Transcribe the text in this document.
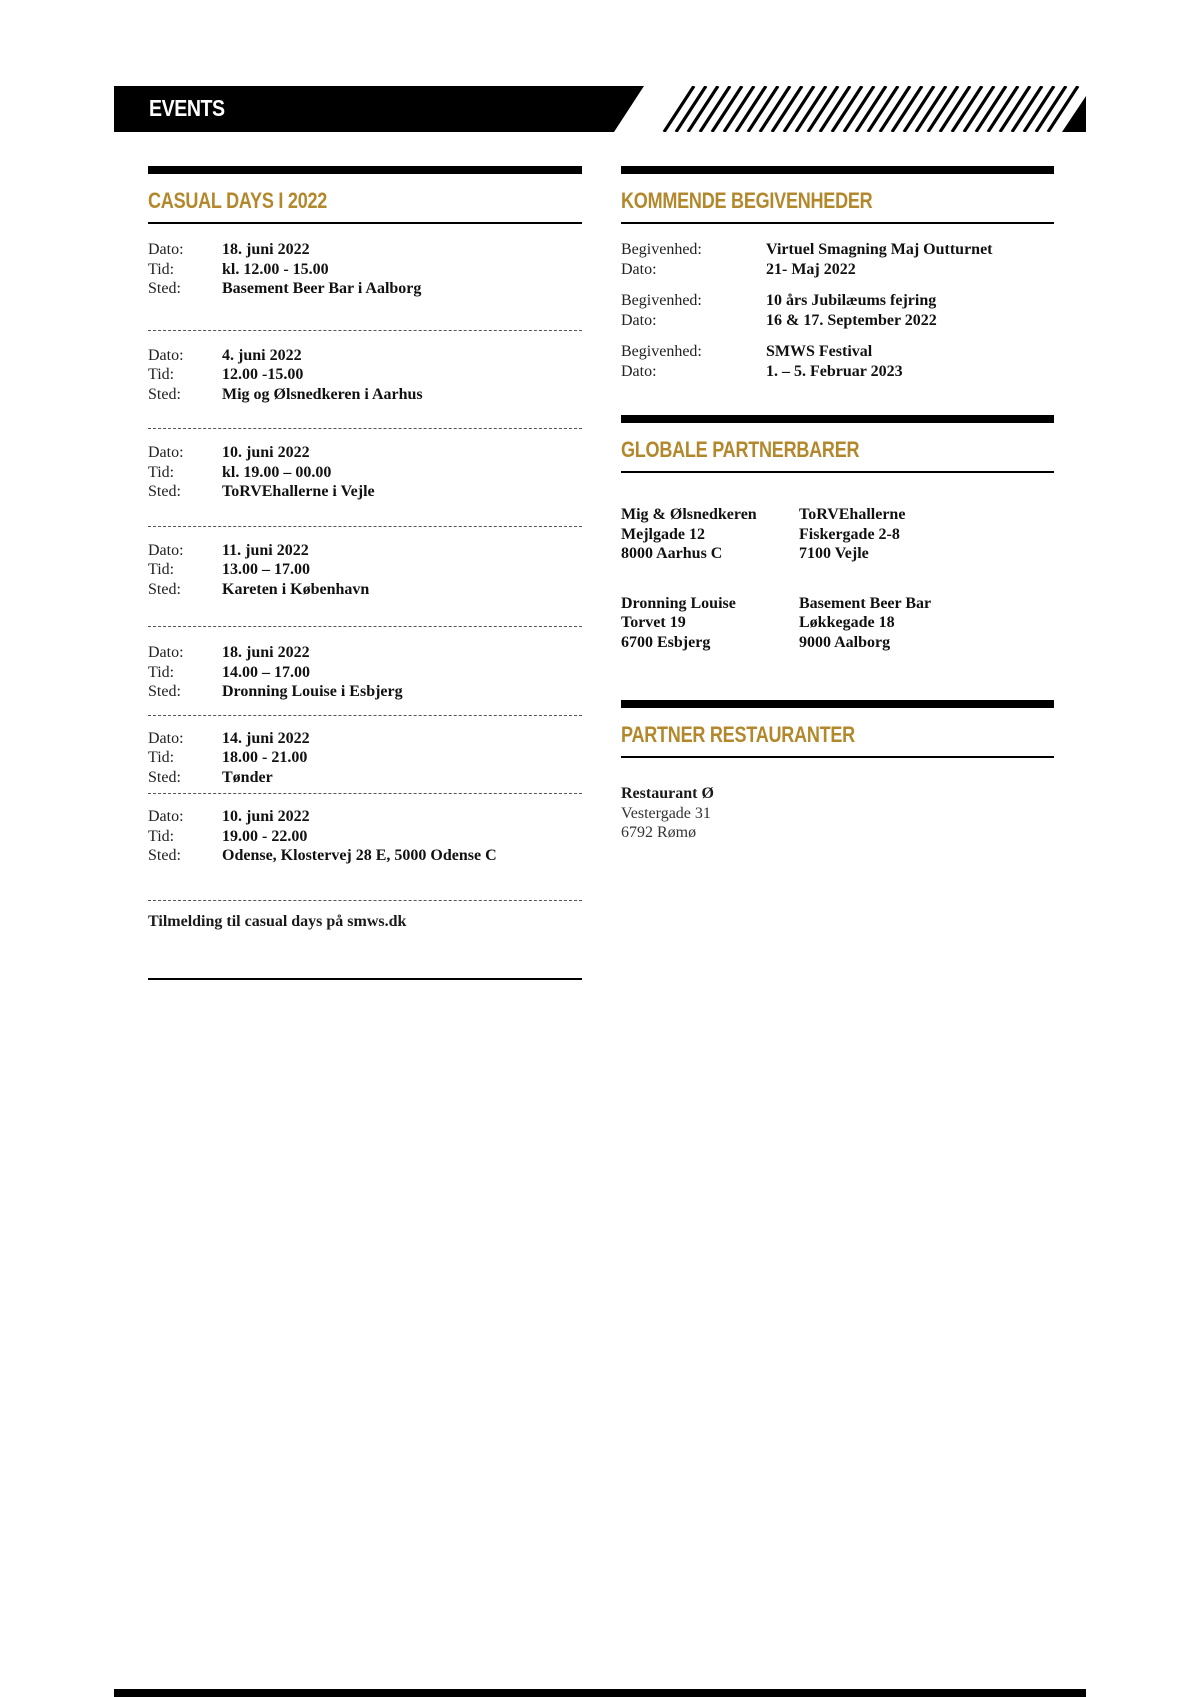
EVENTS
CASUAL DAYS I 2022
Dato:	18. juni 2022
Tid:	kl. 12.00 - 15.00
Sted:	Basement Beer Bar i Aalborg
Dato:	4. juni 2022
Tid:	12.00 -15.00
Sted:	Mig og Ølsnedkeren i Aarhus
Dato:	10. juni 2022
Tid:	kl. 19.00 – 00.00
Sted:	ToRVEhallerne i Vejle
Dato:	11. juni 2022
Tid:	13.00 – 17.00
Sted:	Kareten i København
Dato:	18. juni 2022
Tid:	14.00 – 17.00
Sted:	Dronning Louise i Esbjerg
Dato:	14. juni 2022
Tid:	18.00 - 21.00
Sted:	Tønder
Dato:	10. juni 2022
Tid:	19.00 - 22.00
Sted:	Odense, Klostervej 28 E, 5000 Odense C
Tilmelding til casual days på smws.dk
KOMMENDE BEGIVENHEDER
Begivenhed:	Virtuel Smagning Maj Outturnet
Dato:	21- Maj 2022
Begivenhed:	10 års Jubilæums fejring
Dato:	16 & 17. September 2022
Begivenhed:	SMWS Festival
Dato:	1. – 5. Februar 2023
GLOBALE PARTNERBARER
Mig & Ølsnedkeren
Mejlgade 12
8000 Aarhus C
ToRVEhallerne
Fiskergade 2-8
7100 Vejle
Dronning Louise
Torvet 19
6700 Esbjerg
Basement Beer Bar
Løkkegade 18
9000 Aalborg
PARTNER RESTAURANTER
Restaurant Ø
Vestergade 31
6792 Rømø
